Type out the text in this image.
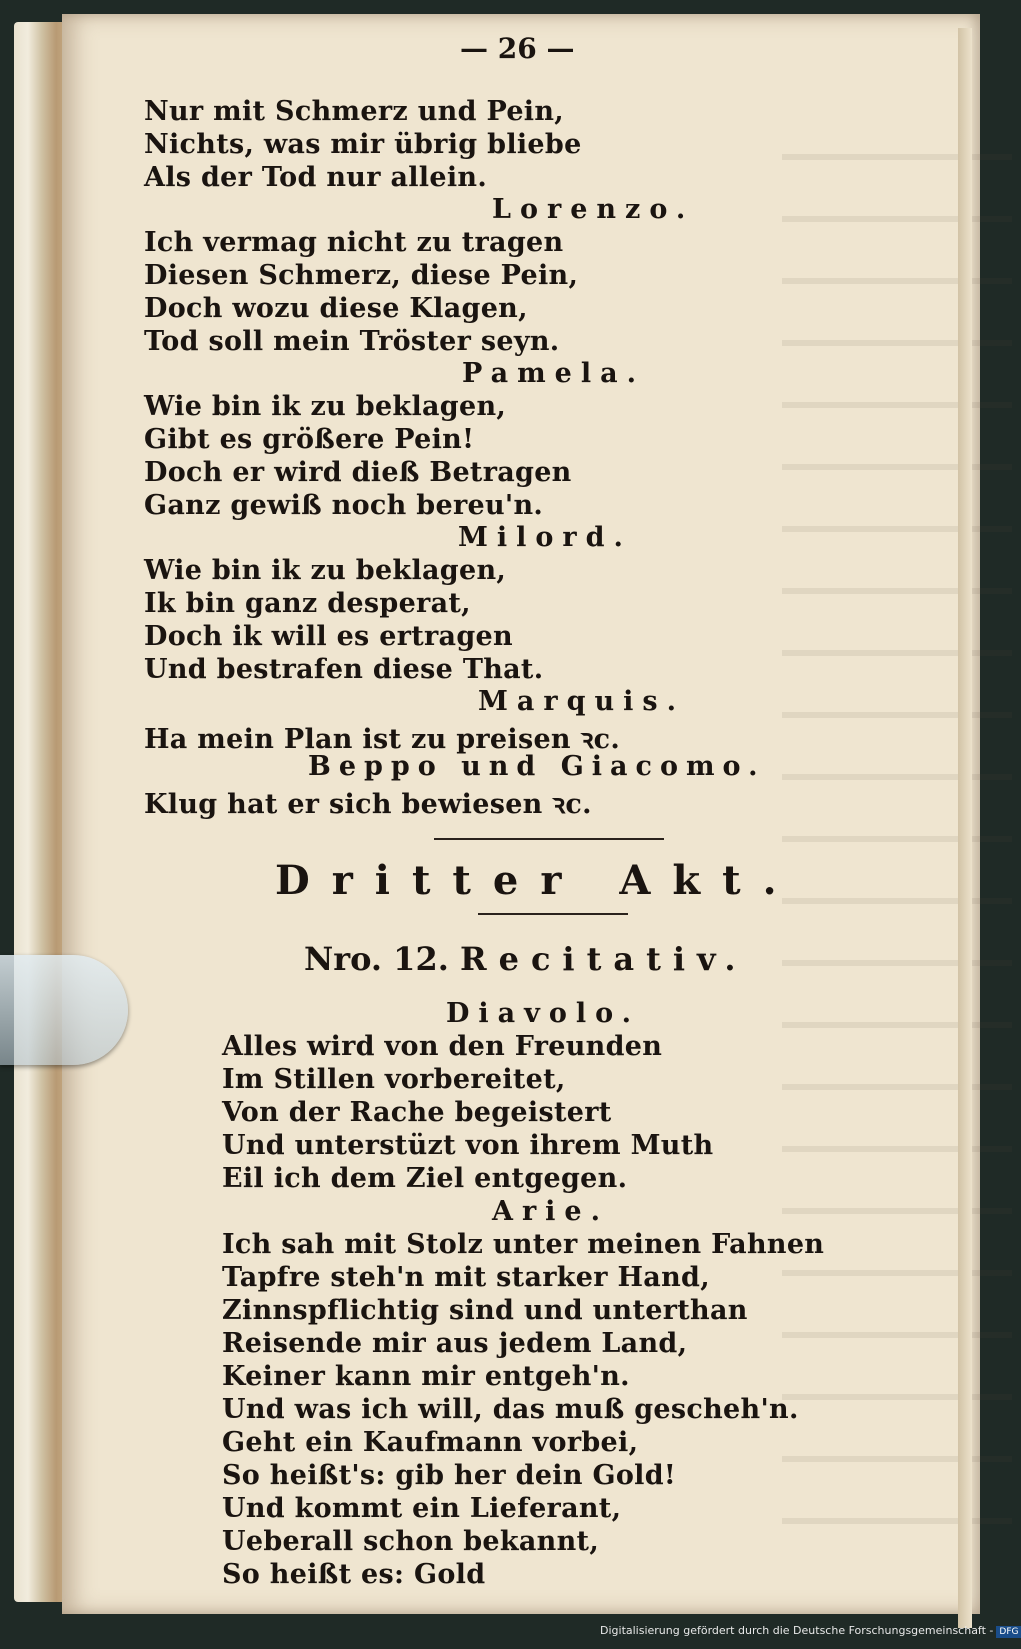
— 26 —
Nur mit Schmerz und Pein,
Nichts, was mir übrig bliebe
Als der Tod nur allein.
Lorenzo.
Ich vermag nicht zu tragen
Diesen Schmerz, diese Pein,
Doch wozu diese Klagen,
Tod soll mein Tröster seyn.
Pamela.
Wie bin ik zu beklagen,
Gibt es größere Pein!
Doch er wird dieß Betragen
Ganz gewiß noch bereu'n.
Milord.
Wie bin ik zu beklagen,
Ik bin ganz desperat,
Doch ik will es ertragen
Und bestrafen diese That.
Marquis.
Ha mein Plan ist zu preisen ꝛc.
Beppo und Giacomo.
Klug hat er sich bewiesen ꝛc.
Dritter Akt.
Nro. 12. Recitativ.
Diavolo.
Alles wird von den Freunden
Im Stillen vorbereitet,
Von der Rache begeistert
Und unterstüzt von ihrem Muth
Eil ich dem Ziel entgegen.
Arie.
Ich sah mit Stolz unter meinen Fahnen
Tapfre steh'n mit starker Hand,
Zinnspflichtig sind und unterthan
Reisende mir aus jedem Land,
Keiner kann mir entgeh'n.
Und was ich will, das muß gescheh'n.
Geht ein Kaufmann vorbei,
So heißt's: gib her dein Gold!
Und kommt ein Lieferant,
Ueberall schon bekannt,
So heißt es: Gold
Digitalisierung gefördert durch die Deutsche Forschungsgemeinschaft - DFG
